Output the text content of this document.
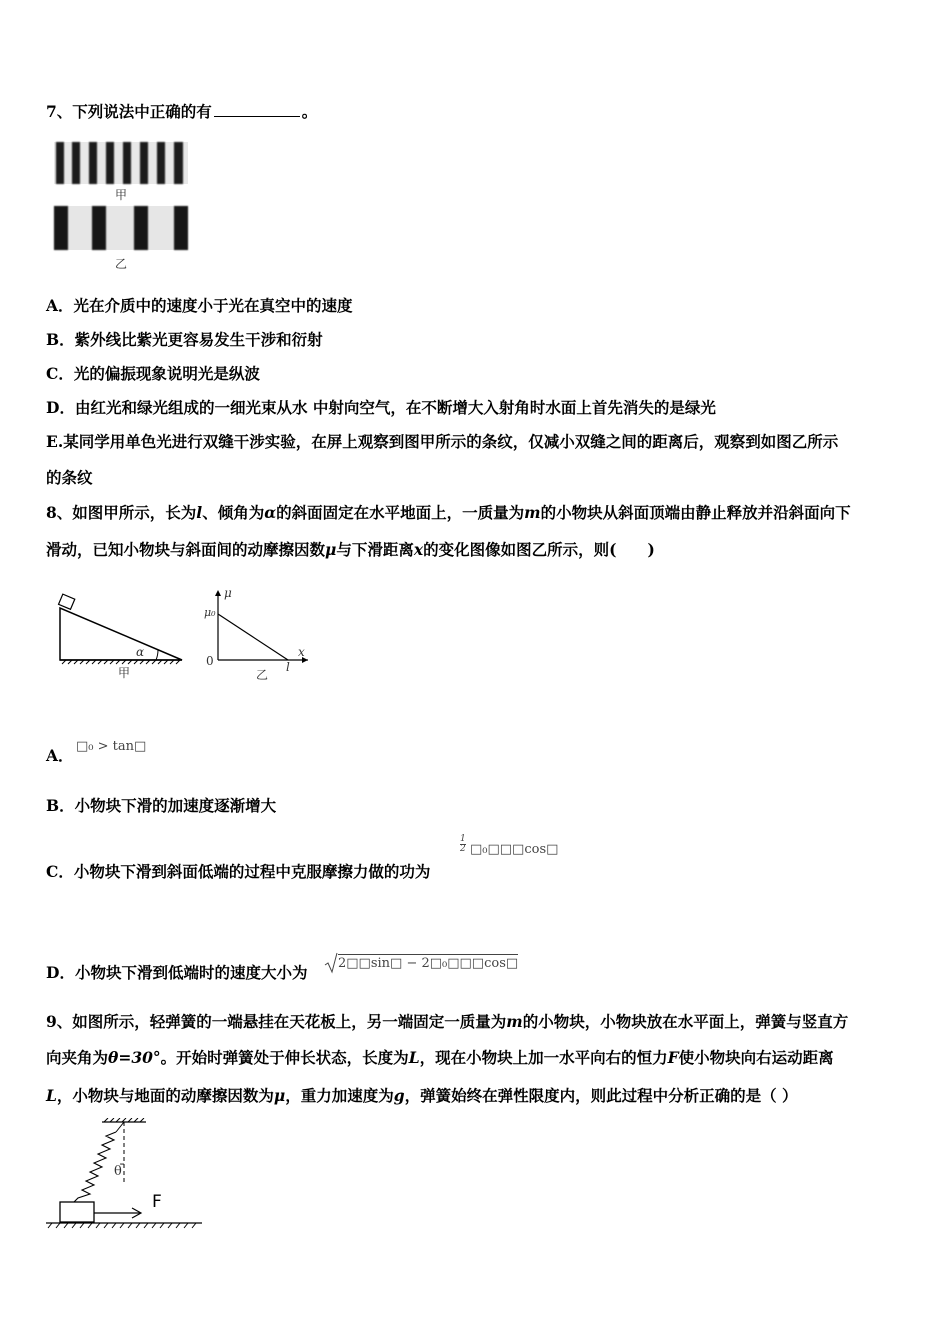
7、下列说法中正确的有	。
甲
乙
A．光在介质中的速度小于光在真空中的速度
B．紫外线比紫光更容易发生干涉和衍射
C．光的偏振现象说明光是纵波
D．由红光和绿光组成的一细光束从水 中射向空气，在不断增大入射角时水面上首先消失的是绿光
E.某同学用单色光进行双缝干涉实验，在屏上观察到图甲所示的条纹，仅减小双缝之间的距离后，观察到如图乙所示
的条纹
8、如图甲所示，长为l、倾角为α的斜面固定在水平地面上，一质量为m的小物块从斜面顶端由静止释放并沿斜面向下
滑动，已知小物块与斜面间的动摩擦因数μ与下滑距离x的变化图像如图乙所示，则(　　)
α
甲
μ
μ₀
0
x
l
乙
A． □₀ > tan□
B．小物块下滑的加速度逐渐增大
C．小物块下滑到斜面低端的过程中克服摩擦力做的功为
1
2 □₀□□□cos□
D．小物块下滑到低端时的速度大小为	2□□sin□ − 2□₀□□□cos□
9、如图所示，轻弹簧的一端悬挂在天花板上，另一端固定一质量为m的小物块，小物块放在水平面上，弹簧与竖直方
向夹角为θ=30°。开始时弹簧处于伸长状态，长度为L，现在小物块上加一水平向右的恒力F使小物块向右运动距离
L，小物块与地面的动摩擦因数为μ，重力加速度为g，弹簧始终在弹性限度内，则此过程中分析正确的是（ ）
θ
F
